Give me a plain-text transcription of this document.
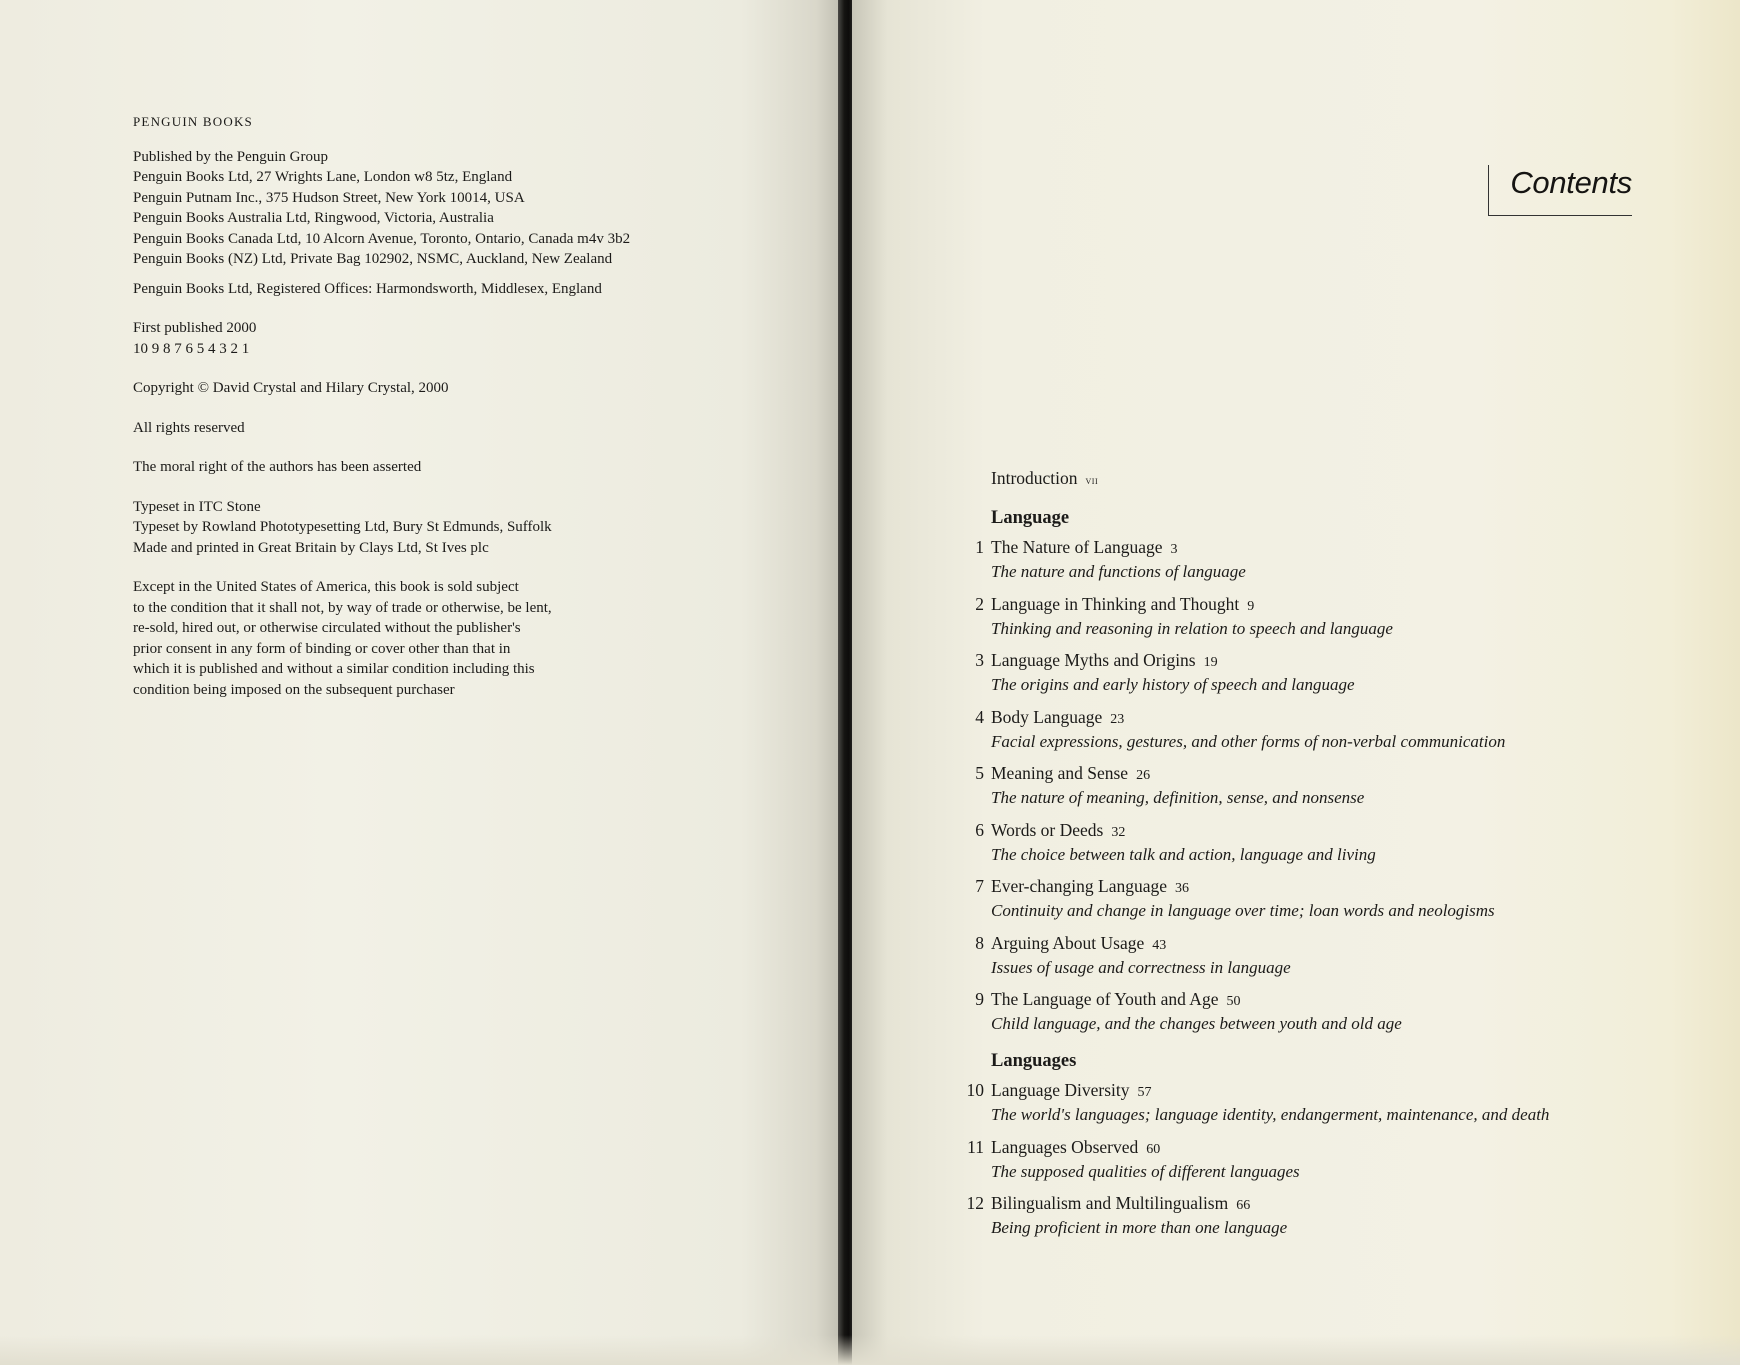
PENGUIN BOOKS

Published by the Penguin Group

Penguin Books Ltd, 27 Wrights Lane, London w8 5tz, England

Penguin Putnam Inc., 375 Hudson Street, New York 10014, USA

Penguin Books Australia Ltd, Ringwood, Victoria, Australia

Penguin Books Canada Ltd, 10 Alcorn Avenue, Toronto, Ontario, Canada m4v 3b2

Penguin Books (NZ) Ltd, Private Bag 102902, NSMC, Auckland, New Zealand

Penguin Books Ltd, Registered Offices: Harmondsworth, Middlesex, England

First published 2000

10 9 8 7 6 5 4 3 2 1

Copyright © David Crystal and Hilary Crystal, 2000

All rights reserved

The moral right of the authors has been asserted

Typeset in ITC Stone

Typeset by Rowland Phototypesetting Ltd, Bury St Edmunds, Suffolk

Made and printed in Great Britain by Clays Ltd, St Ives plc

Except in the United States of America, this book is sold subject

to the condition that it shall not, by way of trade or otherwise, be lent,

re-sold, hired out, or otherwise circulated without the publisher's

prior consent in any form of binding or cover other than that in

which it is published and without a similar condition including this

condition being imposed on the subsequent purchaser

Contents
Introduction vii
Language
1 The Nature of Language 3
The nature and functions of language
2 Language in Thinking and Thought 9
Thinking and reasoning in relation to speech and language
3 Language Myths and Origins 19
The origins and early history of speech and language
4 Body Language 23
Facial expressions, gestures, and other forms of non-verbal communication
5 Meaning and Sense 26
The nature of meaning, definition, sense, and nonsense
6 Words or Deeds 32
The choice between talk and action, language and living
7 Ever-changing Language 36
Continuity and change in language over time; loan words and neologisms
8 Arguing About Usage 43
Issues of usage and correctness in language
9 The Language of Youth and Age 50
Child language, and the changes between youth and old age
Languages
10 Language Diversity 57
The world's languages; language identity, endangerment, maintenance, and death
11 Languages Observed 60
The supposed qualities of different languages
12 Bilingualism and Multilingualism 66
Being proficient in more than one language
